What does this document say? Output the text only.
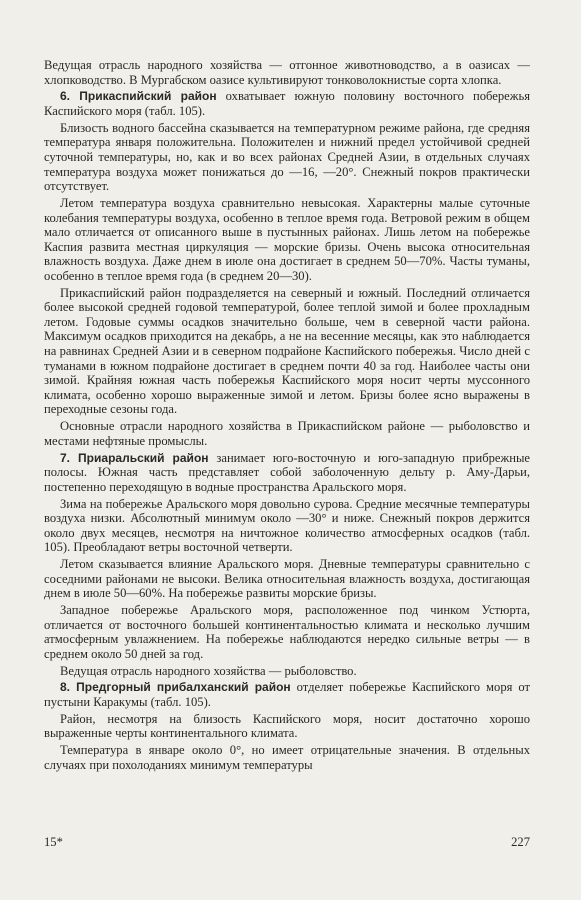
Ведущая отрасль народного хозяйства — отгонное животноводство, а в оазисах — хлопководство. В Мургабском оазисе культивируют тонковолокнистые сорта хлопка.

6. Прикаспийский район охватывает южную половину восточного побережья Каспийского моря (табл. 105).

Близость водного бассейна сказывается на температурном режиме района, где средняя температура января положительна. Положителен и нижний предел устойчивой средней суточной температуры, но, как и во всех районах Средней Азии, в отдельных случаях температура воздуха может понижаться до —16, —20°. Снежный покров практически отсутствует.

Летом температура воздуха сравнительно невысокая. Характерны малые суточные колебания температуры воздуха, особенно в теплое время года. Ветровой режим в общем мало отличается от описанного выше в пустынных районах. Лишь летом на побережье Каспия развита местная циркуляция — морские бризы. Очень высока относительная влажность воздуха. Даже днем в июле она достигает в среднем 50—70%. Часты туманы, особенно в теплое время года (в среднем 20—30).

Прикаспийский район подразделяется на северный и южный. Последний отличается более высокой средней годовой температурой, более теплой зимой и более прохладным летом. Годовые суммы осадков значительно больше, чем в северной части района. Максимум осадков приходится на декабрь, а не на весенние месяцы, как это наблюдается на равнинах Средней Азии и в северном подрайоне Каспийского побережья. Число дней с туманами в южном подрайоне достигает в среднем почти 40 за год. Наиболее часты они зимой. Крайняя южная часть побережья Каспийского моря носит черты муссонного климата, особенно хорошо выраженные зимой и летом. Бризы более ясно выражены в переходные сезоны года.

Основные отрасли народного хозяйства в Прикаспийском районе — рыболовство и местами нефтяные промыслы.

7. Приаральский район занимает юго-восточную и юго-западную прибрежные полосы. Южная часть представляет собой заболоченную дельту р. Аму-Дарьи, постепенно переходящую в водные пространства Аральского моря.

Зима на побережье Аральского моря довольно сурова. Средние месячные температуры воздуха низки. Абсолютный минимум около —30° и ниже. Снежный покров держится около двух месяцев, несмотря на ничтожное количество атмосферных осадков (табл. 105). Преобладают ветры восточной четверти.

Летом сказывается влияние Аральского моря. Дневные температуры сравнительно с соседними районами не высоки. Велика относительная влажность воздуха, достигающая днем в июле 50—60%. На побережье развиты морские бризы.

Западное побережье Аральского моря, расположенное под чинком Устюрта, отличается от восточного большей континентальностью климата и несколько лучшим атмосферным увлажнением. На побережье наблюдаются нередко сильные ветры — в среднем около 50 дней за год.

Ведущая отрасль народного хозяйства — рыболовство.

8. Предгорный прибалханский район отделяет побережье Каспийского моря от пустыни Каракумы (табл. 105).

Район, несмотря на близость Каспийского моря, носит достаточно хорошо выраженные черты континентального климата.

Температура в январе около 0°, но имеет отрицательные значения. В отдельных случаях при похолоданиях минимум температуры

15*	227
